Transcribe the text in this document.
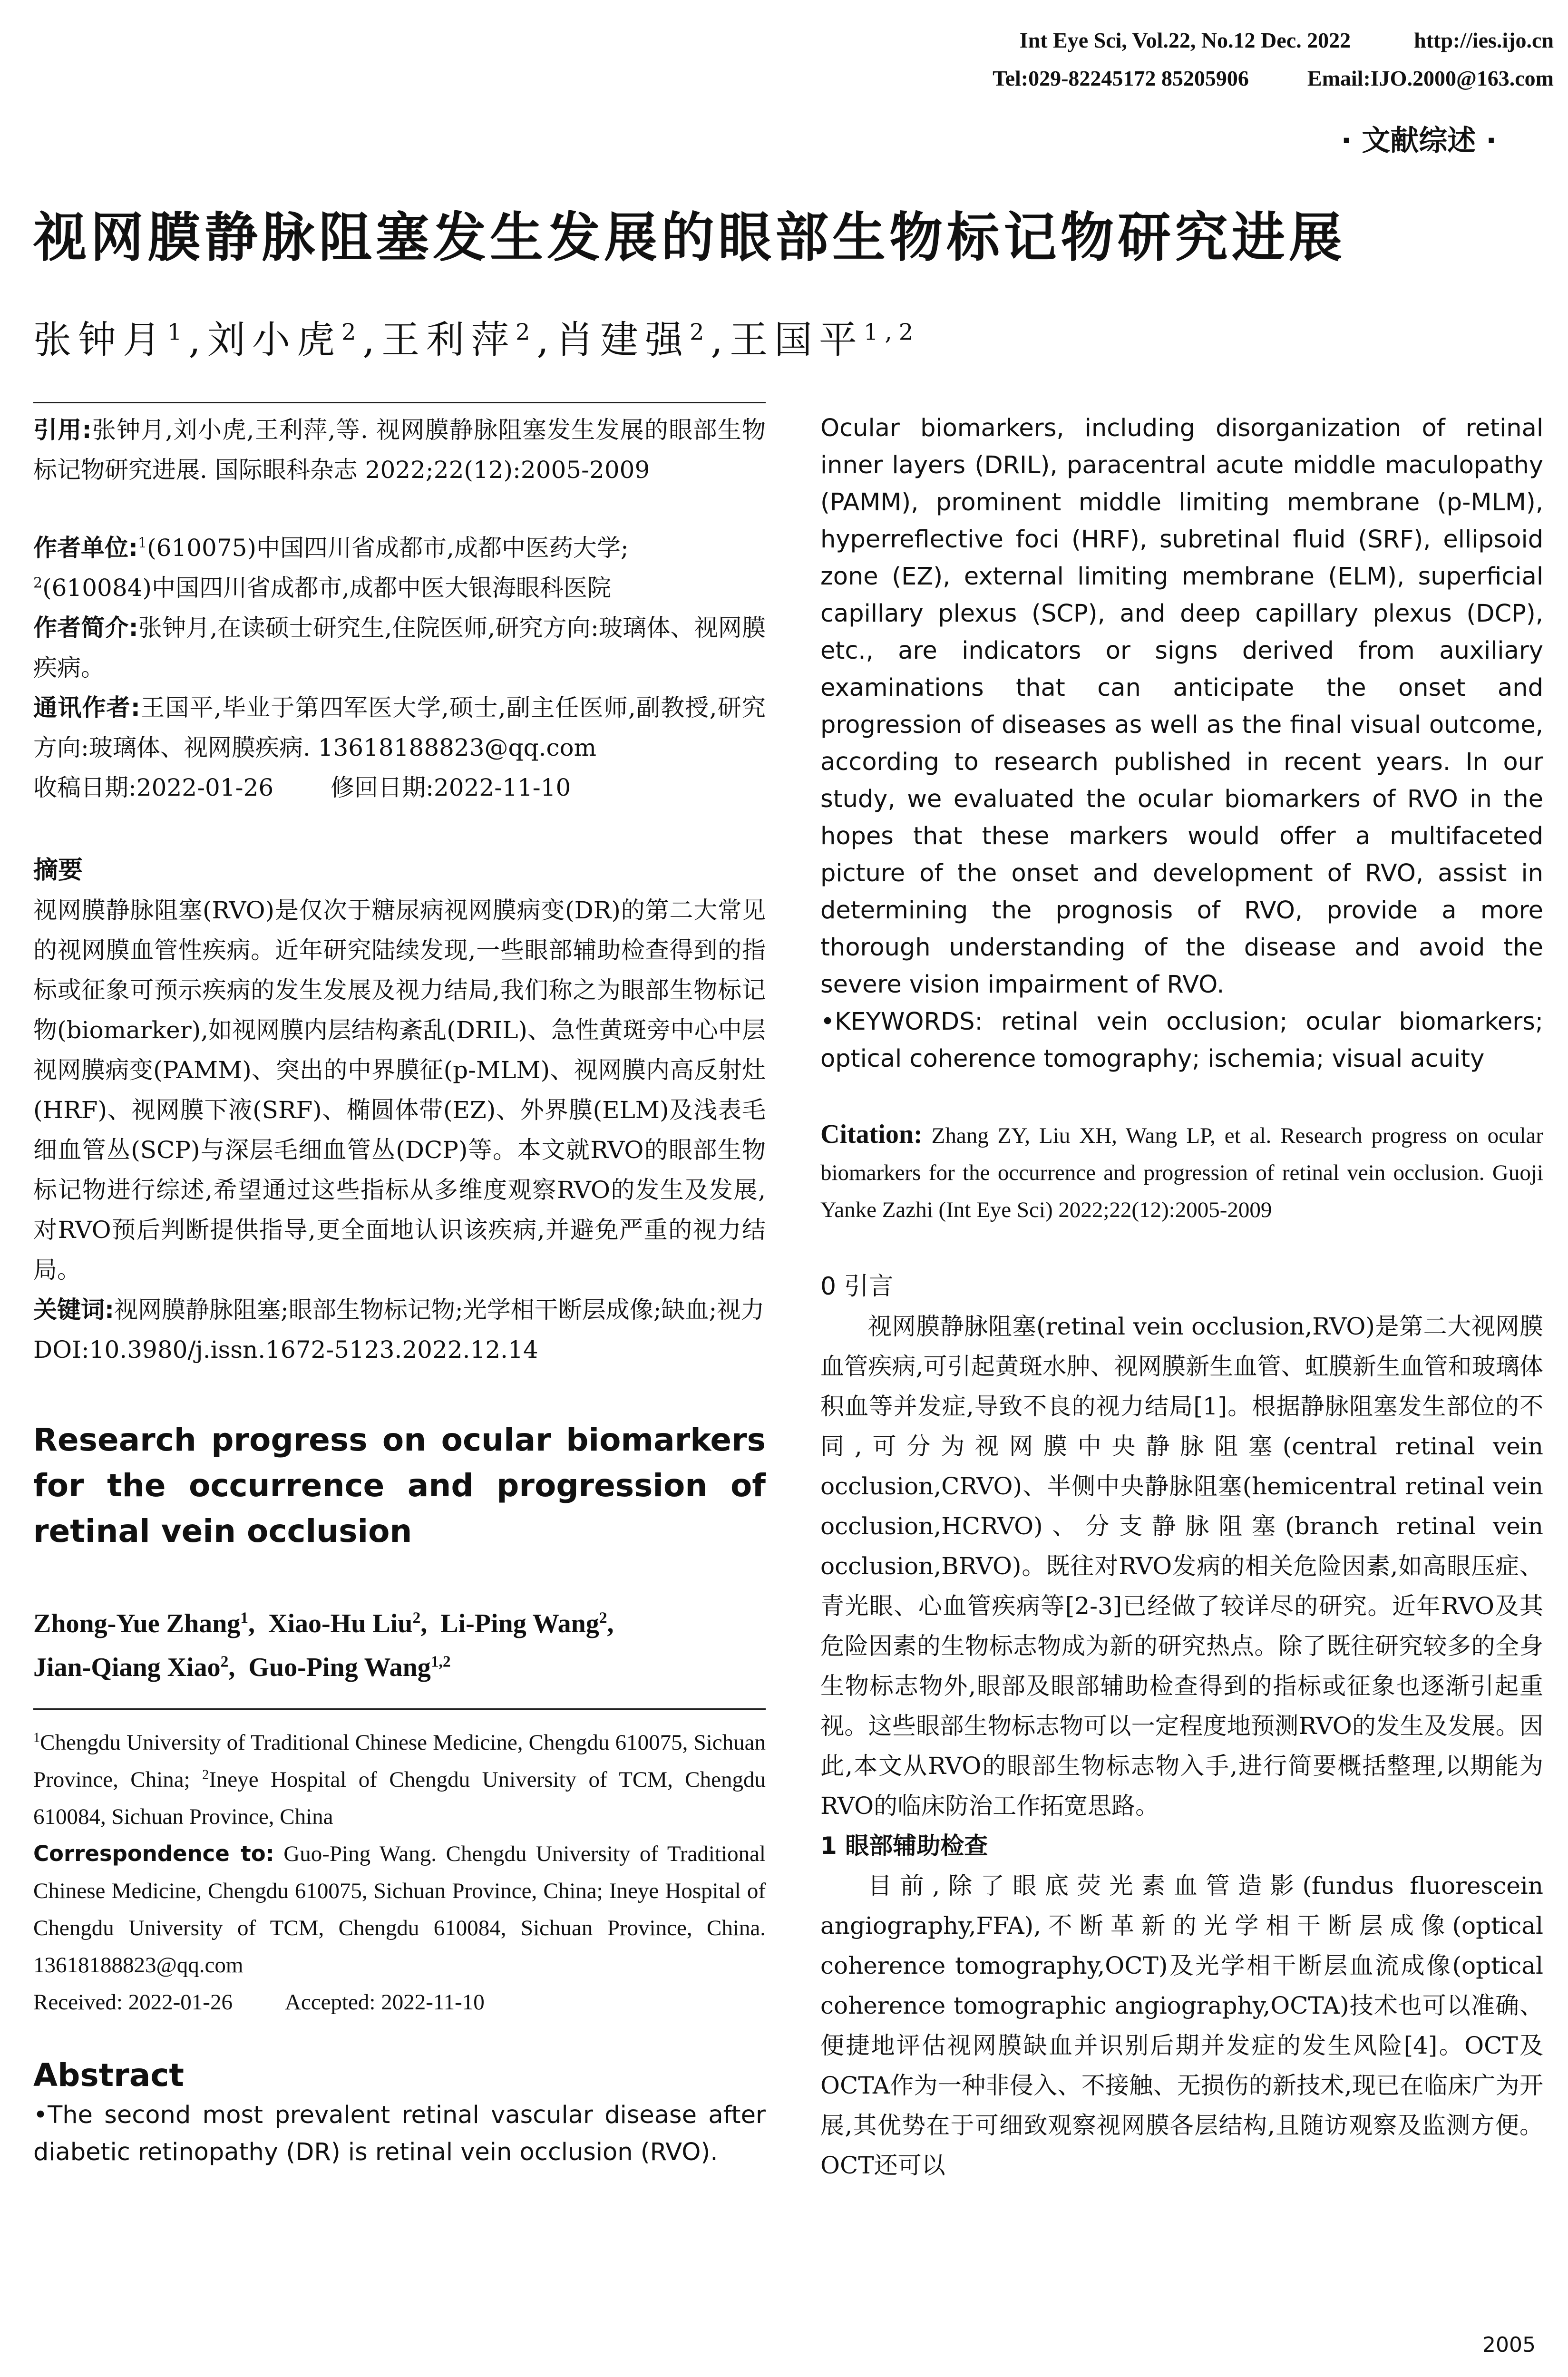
Int Eye Sci, Vol.22, No.12 Dec. 2022	http://ies.ijo.cn
Tel:029-82245172 85205906	Email:IJO.2000@163.com
· 文献综述 ·
视网膜静脉阻塞发生发展的眼部生物标记物研究进展
张钟月$^1$,刘小虎$^2$,王利萍$^2$,肖建强$^2$,王国平$^{1,2}$

引用:张钟月,刘小虎,王利萍,等. 视网膜静脉阻塞发生发展的眼部生物标记物研究进展. 国际眼科杂志 2022;22(12):2005-2009

作者单位:$^1$(610075)中国四川省成都市,成都中医药大学;
$^2$(610084)中国四川省成都市,成都中医大银海眼科医院

作者简介:张钟月,在读硕士研究生,住院医师,研究方向:玻璃体、视网膜疾病。

通讯作者:王国平,毕业于第四军医大学,硕士,副主任医师,副教授,研究方向:玻璃体、视网膜疾病. 13618188823@qq.com

收稿日期:2022-01-26 修回日期:2022-11-10

摘要

视网膜静脉阻塞(RVO)是仅次于糖尿病视网膜病变(DR)的第二大常见的视网膜血管性疾病。近年研究陆续发现,一些眼部辅助检查得到的指标或征象可预示疾病的发生发展及视力结局,我们称之为眼部生物标记物(biomarker),如视网膜内层结构紊乱(DRIL)、急性黄斑旁中心中层视网膜病变(PAMM)、突出的中界膜征(p-MLM)、视网膜内高反射灶(HRF)、视网膜下液(SRF)、椭圆体带(EZ)、外界膜(ELM)及浅表毛细血管丛(SCP)与深层毛细血管丛(DCP)等。本文就RVO的眼部生物标记物进行综述,希望通过这些指标从多维度观察RVO的发生及发展,对RVO预后判断提供指导,更全面地认识该疾病,并避免严重的视力结局。

关键词:视网膜静脉阻塞;眼部生物标记物;光学相干断层成像;缺血;视力

DOI:10.3980/j.issn.1672-5123.2022.12.14

Research progress on ocular biomarkers for the occurrence and progression of retinal vein occlusion

Zhong-Yue Zhang$^1$,  Xiao-Hu Liu$^2$,  Li-Ping Wang$^2$,
Jian-Qiang Xiao$^2$,  Guo-Ping Wang$^{1,2}$

$^1$Chengdu University of Traditional Chinese Medicine, Chengdu 610075, Sichuan Province, China; $^2$Ineye Hospital of Chengdu University of TCM, Chengdu 610084, Sichuan Province, China

Correspondence to: Guo-Ping Wang. Chengdu University of Traditional Chinese Medicine, Chengdu 610075, Sichuan Province, China; Ineye Hospital of Chengdu University of TCM, Chengdu 610084, Sichuan Province, China. 13618188823@qq.com

Received: 2022-01-26 Accepted: 2022-11-10

Abstract

•The second most prevalent retinal vascular disease after diabetic retinopathy (DR) is retinal vein occlusion (RVO).

Ocular biomarkers, including disorganization of retinal inner layers (DRIL), paracentral acute middle maculopathy (PAMM), prominent middle limiting membrane (p-MLM), hyperreflective foci (HRF), subretinal fluid (SRF), ellipsoid zone (EZ), external limiting membrane (ELM), superficial capillary plexus (SCP), and deep capillary plexus (DCP), etc., are indicators or signs derived from auxiliary examinations that can anticipate the onset and progression of diseases as well as the final visual outcome, according to research published in recent years. In our study, we evaluated the ocular biomarkers of RVO in the hopes that these markers would offer a multifaceted picture of the onset and development of RVO, assist in determining the prognosis of RVO, provide a more thorough understanding of the disease and avoid the severe vision impairment of RVO.

•KEYWORDS: retinal vein occlusion; ocular biomarkers; optical coherence tomography; ischemia; visual acuity

Citation: Zhang ZY, Liu XH, Wang LP, et al. Research progress on ocular biomarkers for the occurrence and progression of retinal vein occlusion. Guoji Yanke Zazhi (Int Eye Sci) 2022;22(12):2005-2009

0 引言

视网膜静脉阻塞(retinal vein occlusion,RVO)是第二大视网膜血管疾病,可引起黄斑水肿、视网膜新生血管、虹膜新生血管和玻璃体积血等并发症,导致不良的视力结局[1]。根据静脉阻塞发生部位的不同,可分为视网膜中央静脉阻塞(central retinal vein occlusion,CRVO)、半侧中央静脉阻塞(hemicentral retinal vein occlusion,HCRVO)、分支静脉阻塞(branch retinal vein occlusion,BRVO)。既往对RVO发病的相关危险因素,如高眼压症、青光眼、心血管疾病等[2-3]已经做了较详尽的研究。近年RVO及其危险因素的生物标志物成为新的研究热点。除了既往研究较多的全身生物标志物外,眼部及眼部辅助检查得到的指标或征象也逐渐引起重视。这些眼部生物标志物可以一定程度地预测RVO的发生及发展。因此,本文从RVO的眼部生物标志物入手,进行简要概括整理,以期能为RVO的临床防治工作拓宽思路。

1 眼部辅助检查

目前,除了眼底荧光素血管造影(fundus fluorescein angiography,FFA),不断革新的光学相干断层成像(optical coherence tomography,OCT)及光学相干断层血流成像(optical coherence tomographic angiography,OCTA)技术也可以准确、便捷地评估视网膜缺血并识别后期并发症的发生风险[4]。OCT及OCTA作为一种非侵入、不接触、无损伤的新技术,现已在临床广为开展,其优势在于可细致观察视网膜各层结构,且随访观察及监测方便。OCT还可以

2005
